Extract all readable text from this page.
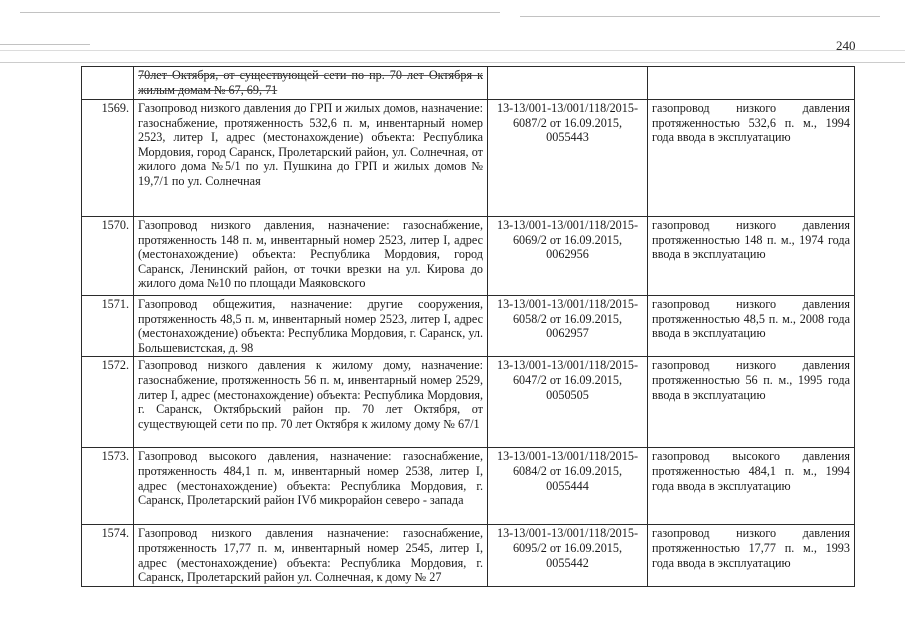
240
	70лет Октября, от существующей сети по пр. 70 лет Октября к жилым домам № 67, 69, 71		
1569.	Газопровод низкого давления до ГРП и жилых домов, назначение: газоснабжение, протяженность 532,6 п. м, инвентарный номер 2523, литер I, адрес (местонахождение) объекта: Республика Мордовия, город Саранск, Пролетарский район, ул. Солнечная, от жилого дома №5/1 по ул. Пушкина до ГРП и жилых домов № 19,7/1 по ул. Солнечная	13-13/001-13/001/118/2015-6087/2 от 16.09.2015, 0055443	газопровод низкого давления протяженностью 532,6 п. м., 1994 года ввода в эксплуатацию
1570.	Газопровод низкого давления, назначение: газоснабжение, протяженность 148 п. м, инвентарный номер 2523, литер I, адрес (местонахождение) объекта: Республика Мордовия, город Саранск, Ленинский район, от точки врезки на ул. Кирова до жилого дома №10 по площади Маяковского	13-13/001-13/001/118/2015-6069/2 от 16.09.2015, 0062956	газопровод низкого давления протяженностью 148 п. м., 1974 года ввода в эксплуатацию
1571.	Газопровод общежития, назначение: другие сооружения, протяженность 48,5 п. м, инвентарный номер 2523, литер I, адрес (местонахождение) объекта: Республика Мордовия, г. Саранск, ул. Большевистская, д. 98	13-13/001-13/001/118/2015-6058/2 от 16.09.2015, 0062957	газопровод низкого давления протяженностью 48,5 п. м., 2008 года ввода в эксплуатацию
1572.	Газопровод низкого давления к жилому дому, назначение: газоснабжение, протяженность 56 п. м, инвентарный номер 2529, литер I, адрес (местонахождение) объекта: Республика Мордовия, г. Саранск, Октябрьский район пр. 70 лет Октября, от существующей сети по пр. 70 лет Октября к жилому дому № 67/1	13-13/001-13/001/118/2015-6047/2 от 16.09.2015, 0050505	газопровод низкого давления протяженностью 56 п. м., 1995 года ввода в эксплуатацию
1573.	Газопровод высокого давления, назначение: газоснабжение, протяженность 484,1 п. м, инвентарный номер 2538, литер I, адрес (местонахождение) объекта: Республика Мордовия, г. Саранск, Пролетарский район IVб микрорайон северо - запада	13-13/001-13/001/118/2015-6084/2 от 16.09.2015, 0055444	газопровод высокого давления протяженностью 484,1 п. м., 1994 года ввода в эксплуатацию
1574.	Газопровод низкого давления назначение: газоснабжение, протяженность 17,77 п. м, инвентарный номер 2545, литер I, адрес (местонахождение) объекта: Республика Мордовия, г. Саранск, Пролетарский район ул. Солнечная, к дому № 27	13-13/001-13/001/118/2015-6095/2 от 16.09.2015, 0055442	газопровод низкого давления протяженностью 17,77 п. м., 1993 года ввода в эксплуатацию
